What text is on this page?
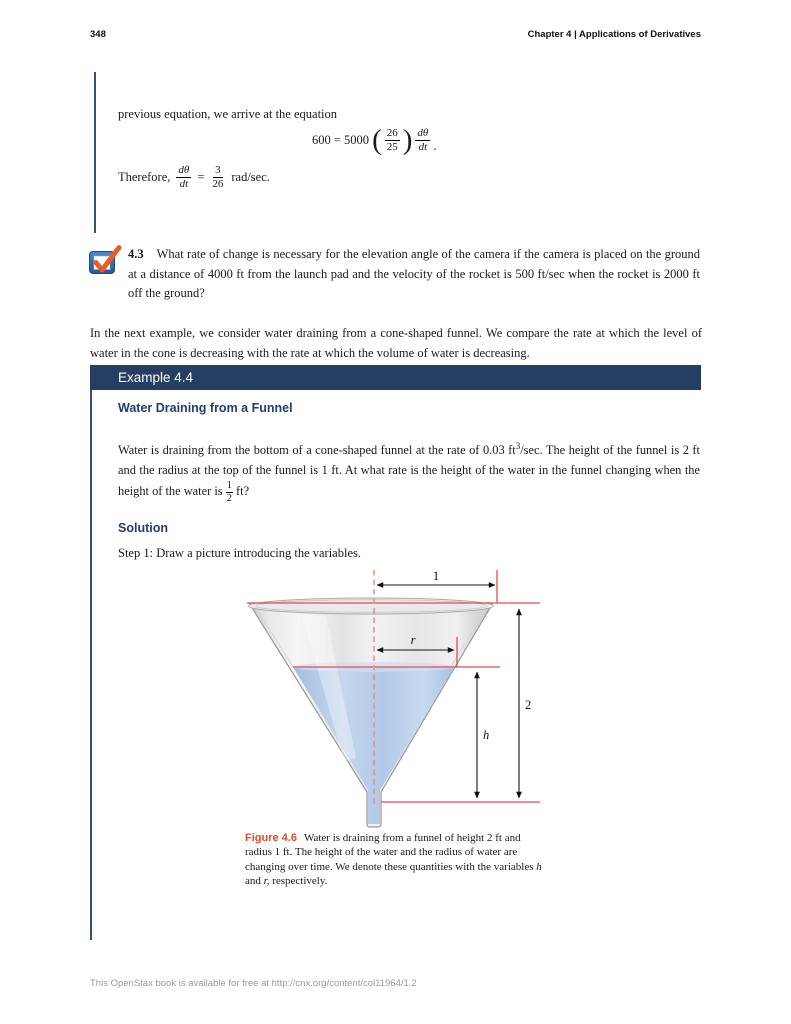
348	Chapter 4 | Applications of Derivatives
previous equation, we arrive at the equation
600 = 5000 ( $\frac{26}{25}$ ) $\frac{d\theta}{dt}$ .
Therefore, $\frac{d\theta}{dt} = \frac{3}{26} rad/\sec$.
4.3 What rate of change is necessary for the elevation angle of the camera if the camera is placed on the ground at a distance of 4000 ft from the launch pad and the velocity of the rocket is 500 ft/sec when the rocket is 2000 ft off the ground?
In the next example, we consider water draining from a cone-shaped funnel. We compare the rate at which the level of water in the cone is decreasing with the rate at which the volume of water is decreasing.
Example 4.4
Water Draining from a Funnel
Water is draining from the bottom of a cone-shaped funnel at the rate of 0.03 $ft^3/\sec$. The height of the funnel is 2 ft and the radius at the top of the funnel is 1 ft. At what rate is the height of the water in the funnel changing when the height of the water is $\frac{1}{2}$ ft?
Solution
Step 1: Draw a picture introducing the variables.
1
r
h
2
Figure 4.6 Water is draining from a funnel of height 2 ft and radius 1 ft. The height of the water and the radius of water are changing over time. We denote these quantities with the variables h and r, respectively.
This OpenStax book is available for free at http://cnx.org/content/col11964/1.2
